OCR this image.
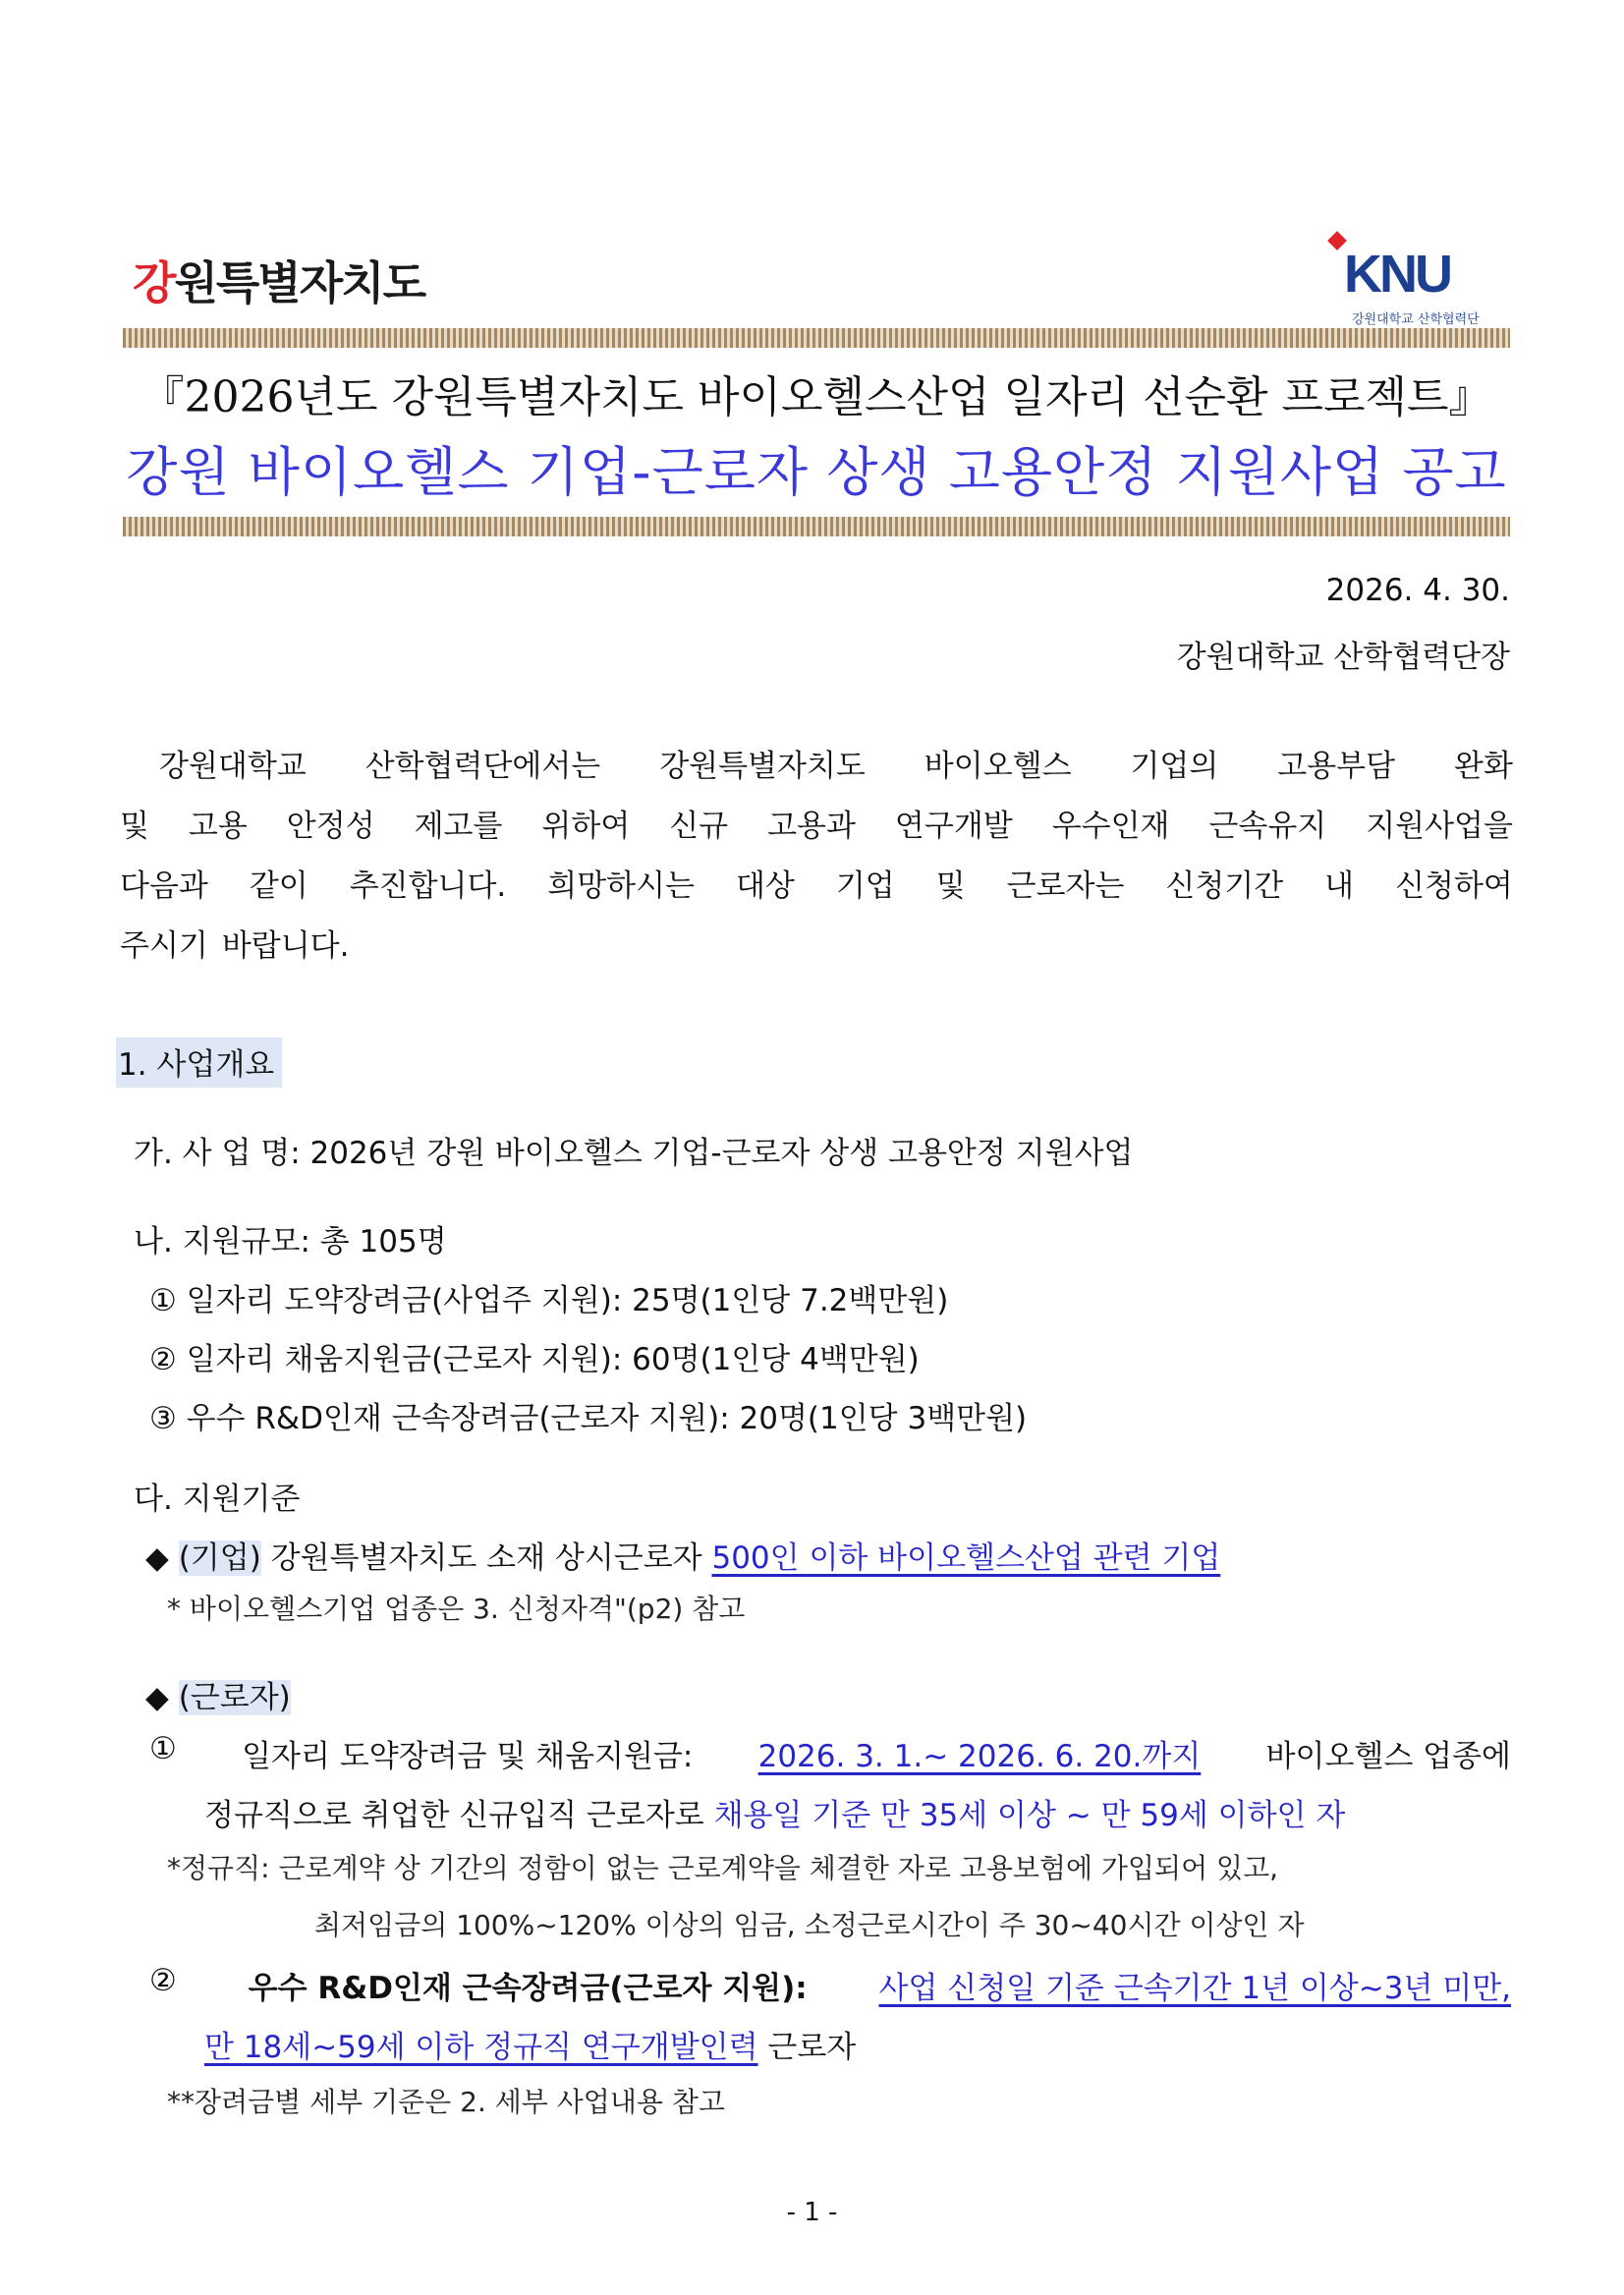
강원특별자치도	KNU
강원대학교 산학협력단
『2026년도 강원특별자치도 바이오헬스산업 일자리 선순환 프로젝트』
강원 바이오헬스 기업-근로자 상생 고용안정 지원사업 공고
2026. 4. 30.
강원대학교 산학협력단장
강원대학교 산학협력단에서는 강원특별자치도 바이오헬스 기업의 고용부담 완화
및 고용 안정성 제고를 위하여 신규 고용과 연구개발 우수인재 근속유지 지원사업을
다음과 같이 추진합니다. 희망하시는 대상 기업 및 근로자는 신청기간 내 신청하여
주시기 바랍니다.
1. 사업개요
가. 사 업 명: 2026년 강원 바이오헬스 기업-근로자 상생 고용안정 지원사업
나. 지원규모: 총 105명
① 일자리 도약장려금(사업주 지원): 25명(1인당 7.2백만원)
② 일자리 채움지원금(근로자 지원): 60명(1인당 4백만원)
③ 우수 R&D인재 근속장려금(근로자 지원): 20명(1인당 3백만원)
다. 지원기준
◆ (기업) 강원특별자치도 소재 상시근로자 500인 이하 바이오헬스산업 관련 기업
* 바이오헬스기업 업종은 3. 신청자격"(p2) 참고
◆ (근로자)
① 일자리 도약장려금 및 채움지원금: 2026. 3. 1.~ 2026. 6. 20.까지 바이오헬스 업종에
정규직으로 취업한 신규입직 근로자로 채용일 기준 만 35세 이상 ~ 만 59세 이하인 자
*정규직: 근로계약 상 기간의 정함이 없는 근로계약을 체결한 자로 고용보험에 가입되어 있고,
최저임금의 100%~120% 이상의 임금, 소정근로시간이 주 30~40시간 이상인 자
② 우수 R&D인재 근속장려금(근로자 지원): 사업 신청일 기준 근속기간 1년 이상~3년 미만,
만 18세~59세 이하 정규직 연구개발인력 근로자
**장려금별 세부 기준은 2. 세부 사업내용 참고
- 1 -
